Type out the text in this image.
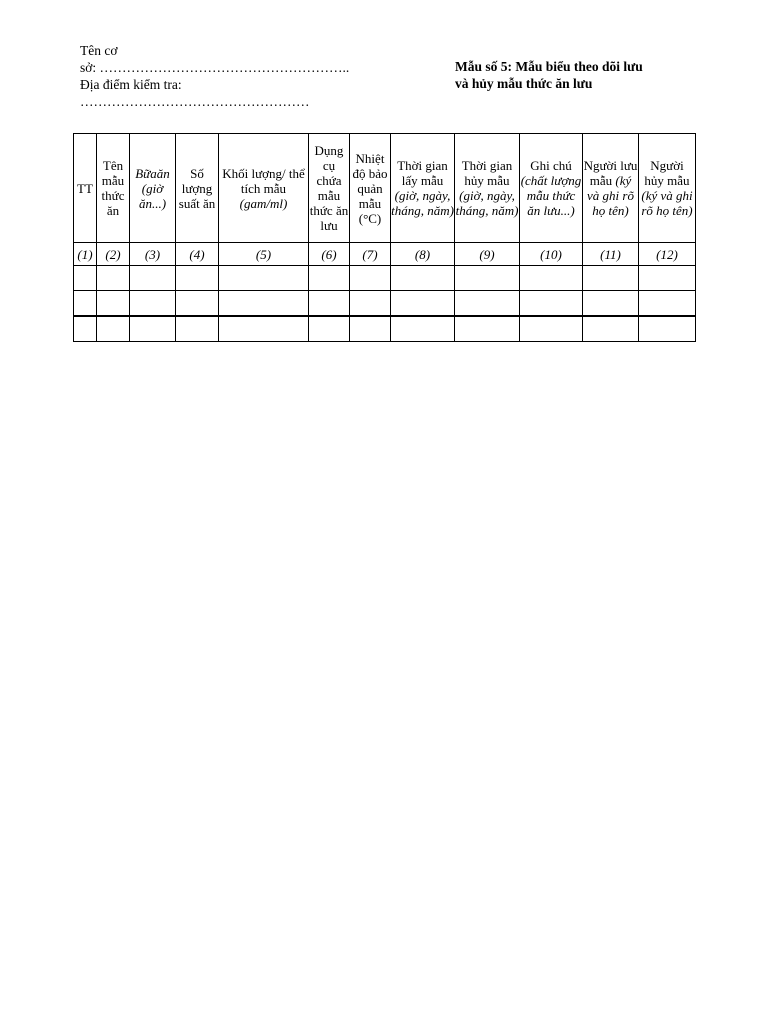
Tên cơ
sở: ………………………………………………..
Địa điểm kiểm tra:
……………………………………………
Mẫu số 5: Mẫu biểu theo dõi lưu
và hủy mẫu thức ăn lưu
TT	Tên mẫu thức ăn	Bữaăn (giờ ăn...)	Số lượng suất ăn	Khối lượng/ thể tích mẫu (gam/ml)	Dụng cụ chứa mẫu thức ăn lưu	Nhiệt độ bảo quản mẫu (°C)	Thời gian lấy mẫu (giờ, ngày, tháng, năm)	Thời gian hủy mẫu (giờ, ngày, tháng, năm)	Ghi chú (chất lượng mẫu thức ăn lưu...)	Người lưu mẫu (ký và ghi rõ họ tên)	Người hủy mẫu (ký và ghi rõ họ tên)
(1)	(2)	(3)	(4)	(5)	(6)	(7)	(8)	(9)	(10)	(11)	(12)
